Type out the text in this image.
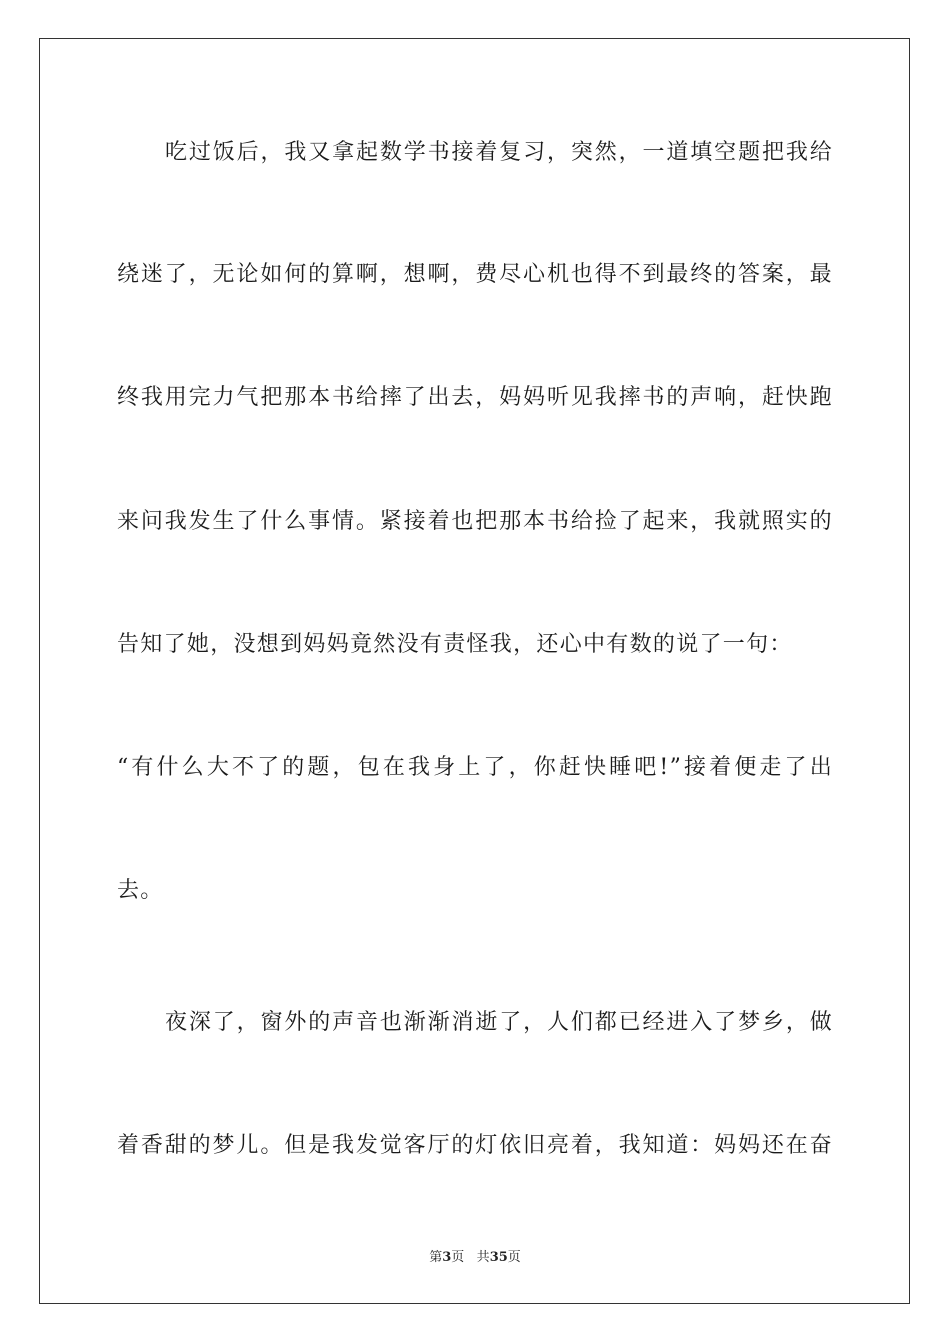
吃过饭后，我又拿起数学书接着复习，突然，一道填空题把我给
绕迷了，无论如何的算啊，想啊，费尽心机也得不到最终的答案，最
终我用完力气把那本书给摔了出去，妈妈听见我摔书的声响，赶快跑
来问我发生了什么事情。紧接着也把那本书给捡了起来，我就照实的
告知了她，没想到妈妈竟然没有责怪我，还心中有数的说了一句：
“有什么大不了的题，包在我身上了，你赶快睡吧!”接着便走了出
去。
夜深了，窗外的声音也渐渐消逝了，人们都已经进入了梦乡，做
着香甜的梦儿。但是我发觉客厅的灯依旧亮着，我知道：妈妈还在奋
第3页 共35页
